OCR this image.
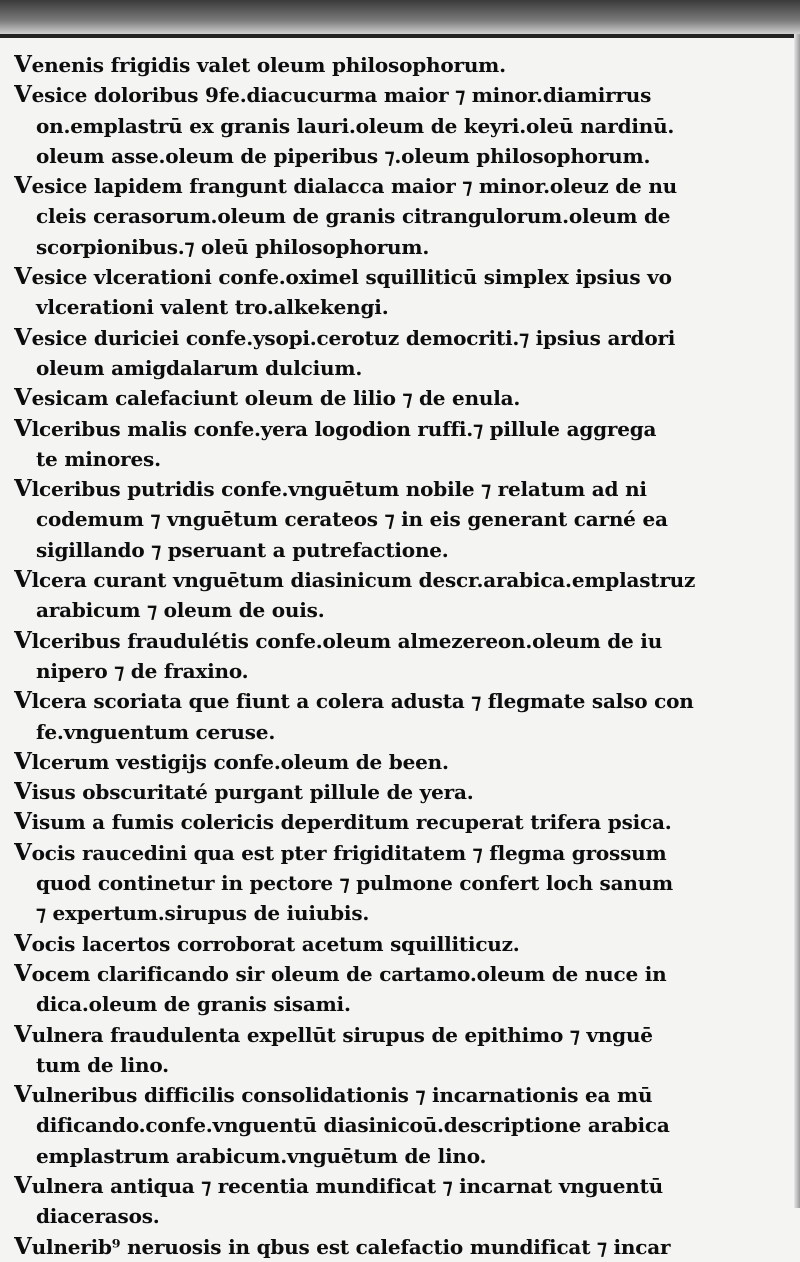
Venenis frigidis valet oleum philosophorum.
Vesice doloribus 9fe.diacucurma maior ⁊ minor.diamirrus
on.emplastrū ex granis lauri.oleum de keyri.oleū nardinū.
oleum asse.oleum de piperibus ⁊.oleum philosophorum.
Vesice lapidem frangunt dialacca maior ⁊ minor.oleuz de nu
cleis cerasorum.oleum de granis citrangulorum.oleum de
scorpionibus.⁊ oleū philosophorum.
Vesice vlcerationi confe.oximel squilliticū simplex ipsius vo
vlcerationi valent tro.alkekengi.
Vesice duriciei confe.ysopi.cerotuz democriti.⁊ ipsius ardori
oleum amigdalarum dulcium.
Vesicam calefaciunt oleum de lilio ⁊ de enula.
Vlceribus malis confe.yera logodion ruffi.⁊ pillule aggrega
te minores.
Vlceribus putridis confe.vnguētum nobile ⁊ relatum ad ni
codemum ⁊ vnguētum cerateos ⁊ in eis generant carné ea
sigillando ⁊ pseruant a putrefactione.
Vlcera curant vnguētum diasinicum descr.arabica.emplastruz
arabicum ⁊ oleum de ouis.
Vlceribus fraudulétis confe.oleum almezereon.oleum de iu
nipero ⁊ de fraxino.
Vlcera scoriata que fiunt a colera adusta ⁊ flegmate salso con
fe.vnguentum ceruse.
Vlcerum vestigijs confe.oleum de been.
Visus obscuritaté purgant pillule de yera.
Visum a fumis colericis deperditum recuperat trifera psica.
Vocis raucedini qua est pter frigiditatem ⁊ flegma grossum
quod continetur in pectore ⁊ pulmone confert loch sanum
⁊ expertum.sirupus de iuiubis.
Vocis lacertos corroborat acetum squilliticuz.
Vocem clarificando sir oleum de cartamo.oleum de nuce in
dica.oleum de granis sisami.
Vulnera fraudulenta expellūt sirupus de epithimo ⁊ vnguē
tum de lino.
Vulneribus difficilis consolidationis ⁊ incarnationis ea mū
dificando.confe.vnguentū diasinicoū.descriptione arabica
emplastrum arabicum.vnguētum de lino.
Vulnera antiqua ⁊ recentia mundificat ⁊ incarnat vnguentū
diacerasos.
Vulnerib⁹ neruosis in qbus est calefactio mundificat ⁊ incar
